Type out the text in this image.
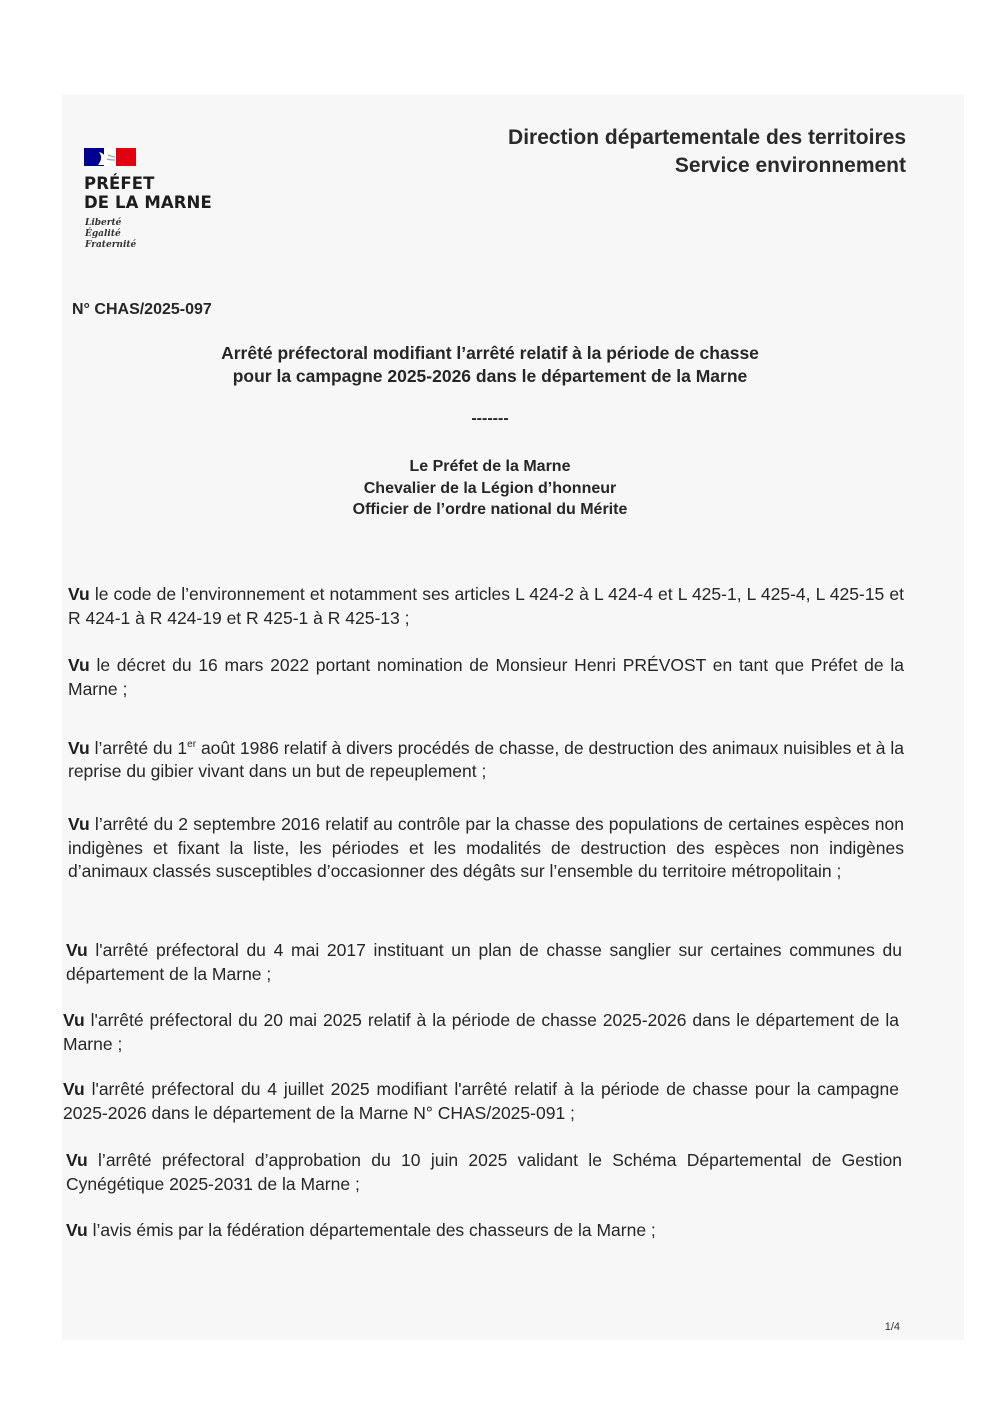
PRÉFET
DE LA MARNE
Liberté
Égalité
Fraternité
Direction départementale des territoires
Service environnement
N° CHAS/2025-097
Arrêté préfectoral modifiant l’arrêté relatif à la période de chasse
pour la campagne 2025-2026 dans le département de la Marne
-------
Le Préfet de la Marne
Chevalier de la Légion d’honneur
Officier de l’ordre national du Mérite

Vu le code de l’environnement et notamment ses articles L 424-2 à L 424-4 et L 425-1, L 425-4, L 425-15 et R 424-1 à R 424-19 et R 425-1 à R 425-13 ;

Vu le décret du 16 mars 2022 portant nomination de Monsieur Henri PRÉVOST en tant que Préfet de la Marne ;

Vu l’arrêté du 1er août 1986 relatif à divers procédés de chasse, de destruction des animaux nuisibles et à la reprise du gibier vivant dans un but de repeuplement ;

Vu l’arrêté du 2 septembre 2016 relatif au contrôle par la chasse des populations de certaines espèces non indigènes et fixant la liste, les périodes et les modalités de destruction des espèces non indigènes d’animaux classés susceptibles d’occasionner des dégâts sur l’ensemble du territoire métropolitain ;

Vu l'arrêté préfectoral du 4 mai 2017 instituant un plan de chasse sanglier sur certaines communes du département de la Marne ;

Vu l'arrêté préfectoral du 20 mai 2025 relatif à la période de chasse 2025-2026 dans le département de la Marne ;

Vu l'arrêté préfectoral du 4 juillet 2025 modifiant l'arrêté relatif à la période de chasse pour la campagne 2025-2026 dans le département de la Marne N° CHAS/2025-091 ;

Vu l’arrêté préfectoral d’approbation du 10 juin 2025 validant le Schéma Départemental de Gestion Cynégétique 2025-2031 de la Marne ;

Vu l’avis émis par la fédération départementale des chasseurs de la Marne ;

1/4
